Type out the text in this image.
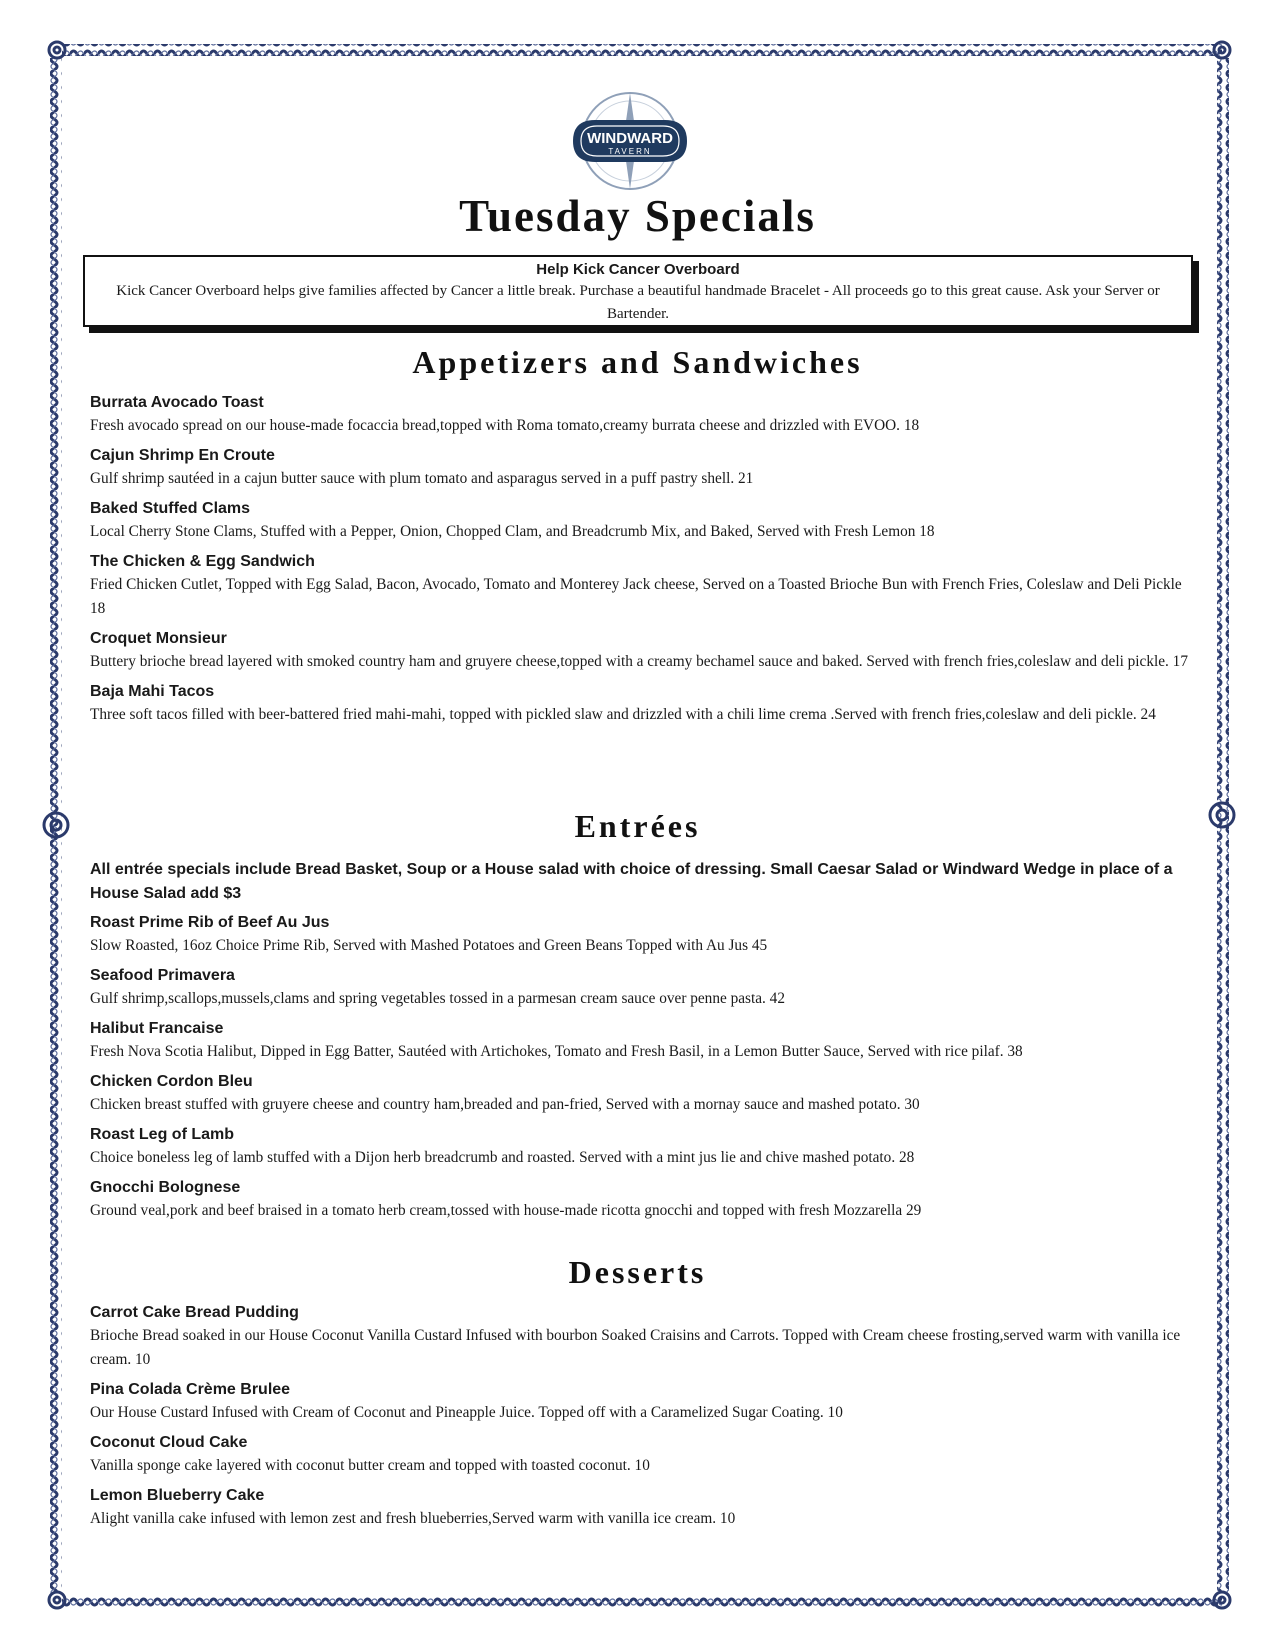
WINDWARD
TAVERN
Tuesday Specials
Help Kick Cancer Overboard
Kick Cancer Overboard helps give families affected by Cancer a little break. Purchase a beautiful handmade Bracelet - All proceeds go to this great cause. Ask your Server or Bartender.
Appetizers and Sandwiches
Burrata Avocado Toast
Fresh avocado spread on our house-made focaccia bread,topped with Roma tomato,creamy burrata cheese and drizzled with EVOO. 18
Cajun Shrimp En Croute
Gulf shrimp sautéed in a cajun butter sauce with plum tomato and asparagus served in a puff pastry shell. 21
Baked Stuffed Clams
Local Cherry Stone Clams, Stuffed with a Pepper, Onion, Chopped Clam, and Breadcrumb Mix, and Baked, Served with Fresh Lemon 18
The Chicken & Egg Sandwich
Fried Chicken Cutlet, Topped with Egg Salad, Bacon, Avocado, Tomato and Monterey Jack cheese, Served on a Toasted Brioche Bun with French Fries, Coleslaw and Deli Pickle 18
Croquet Monsieur
Buttery brioche bread layered with smoked country ham and gruyere cheese,topped with a creamy bechamel sauce and baked. Served with french fries,coleslaw and deli pickle. 17
Baja Mahi Tacos
Three soft tacos filled with beer-battered fried mahi-mahi, topped with pickled slaw and drizzled with a chili lime crema .Served with french fries,coleslaw and deli pickle. 24
Entrées
All entrée specials include Bread Basket, Soup or a House salad with choice of dressing. Small Caesar Salad or Windward Wedge in place of a House Salad add $3
Roast Prime Rib of Beef Au Jus
Slow Roasted, 16oz Choice Prime Rib, Served with Mashed Potatoes and Green Beans Topped with Au Jus 45
Seafood Primavera
Gulf shrimp,scallops,mussels,clams and spring vegetables tossed in a parmesan cream sauce over penne pasta. 42
Halibut Francaise
Fresh Nova Scotia Halibut, Dipped in Egg Batter, Sautéed with Artichokes, Tomato and Fresh Basil, in a Lemon Butter Sauce, Served with rice pilaf. 38
Chicken Cordon Bleu
Chicken breast stuffed with gruyere cheese and country ham,breaded and pan-fried, Served with a mornay sauce and mashed potato. 30
Roast Leg of Lamb
Choice boneless leg of lamb stuffed with a Dijon herb breadcrumb and roasted. Served with a mint jus lie and chive mashed potato. 28
Gnocchi Bolognese
Ground veal,pork and beef braised in a tomato herb cream,tossed with house-made ricotta gnocchi and topped with fresh Mozzarella 29
Desserts
Carrot Cake Bread Pudding
Brioche Bread soaked in our House Coconut Vanilla Custard Infused with bourbon Soaked Craisins and Carrots. Topped with Cream cheese frosting,served warm with vanilla ice cream. 10
Pina Colada Crème Brulee
Our House Custard Infused with Cream of Coconut and Pineapple Juice. Topped off with a Caramelized Sugar Coating. 10
Coconut Cloud Cake
Vanilla sponge cake layered with coconut butter cream and topped with toasted coconut. 10
Lemon Blueberry Cake
Alight vanilla cake infused with lemon zest and fresh blueberries,Served warm with vanilla ice cream. 10
